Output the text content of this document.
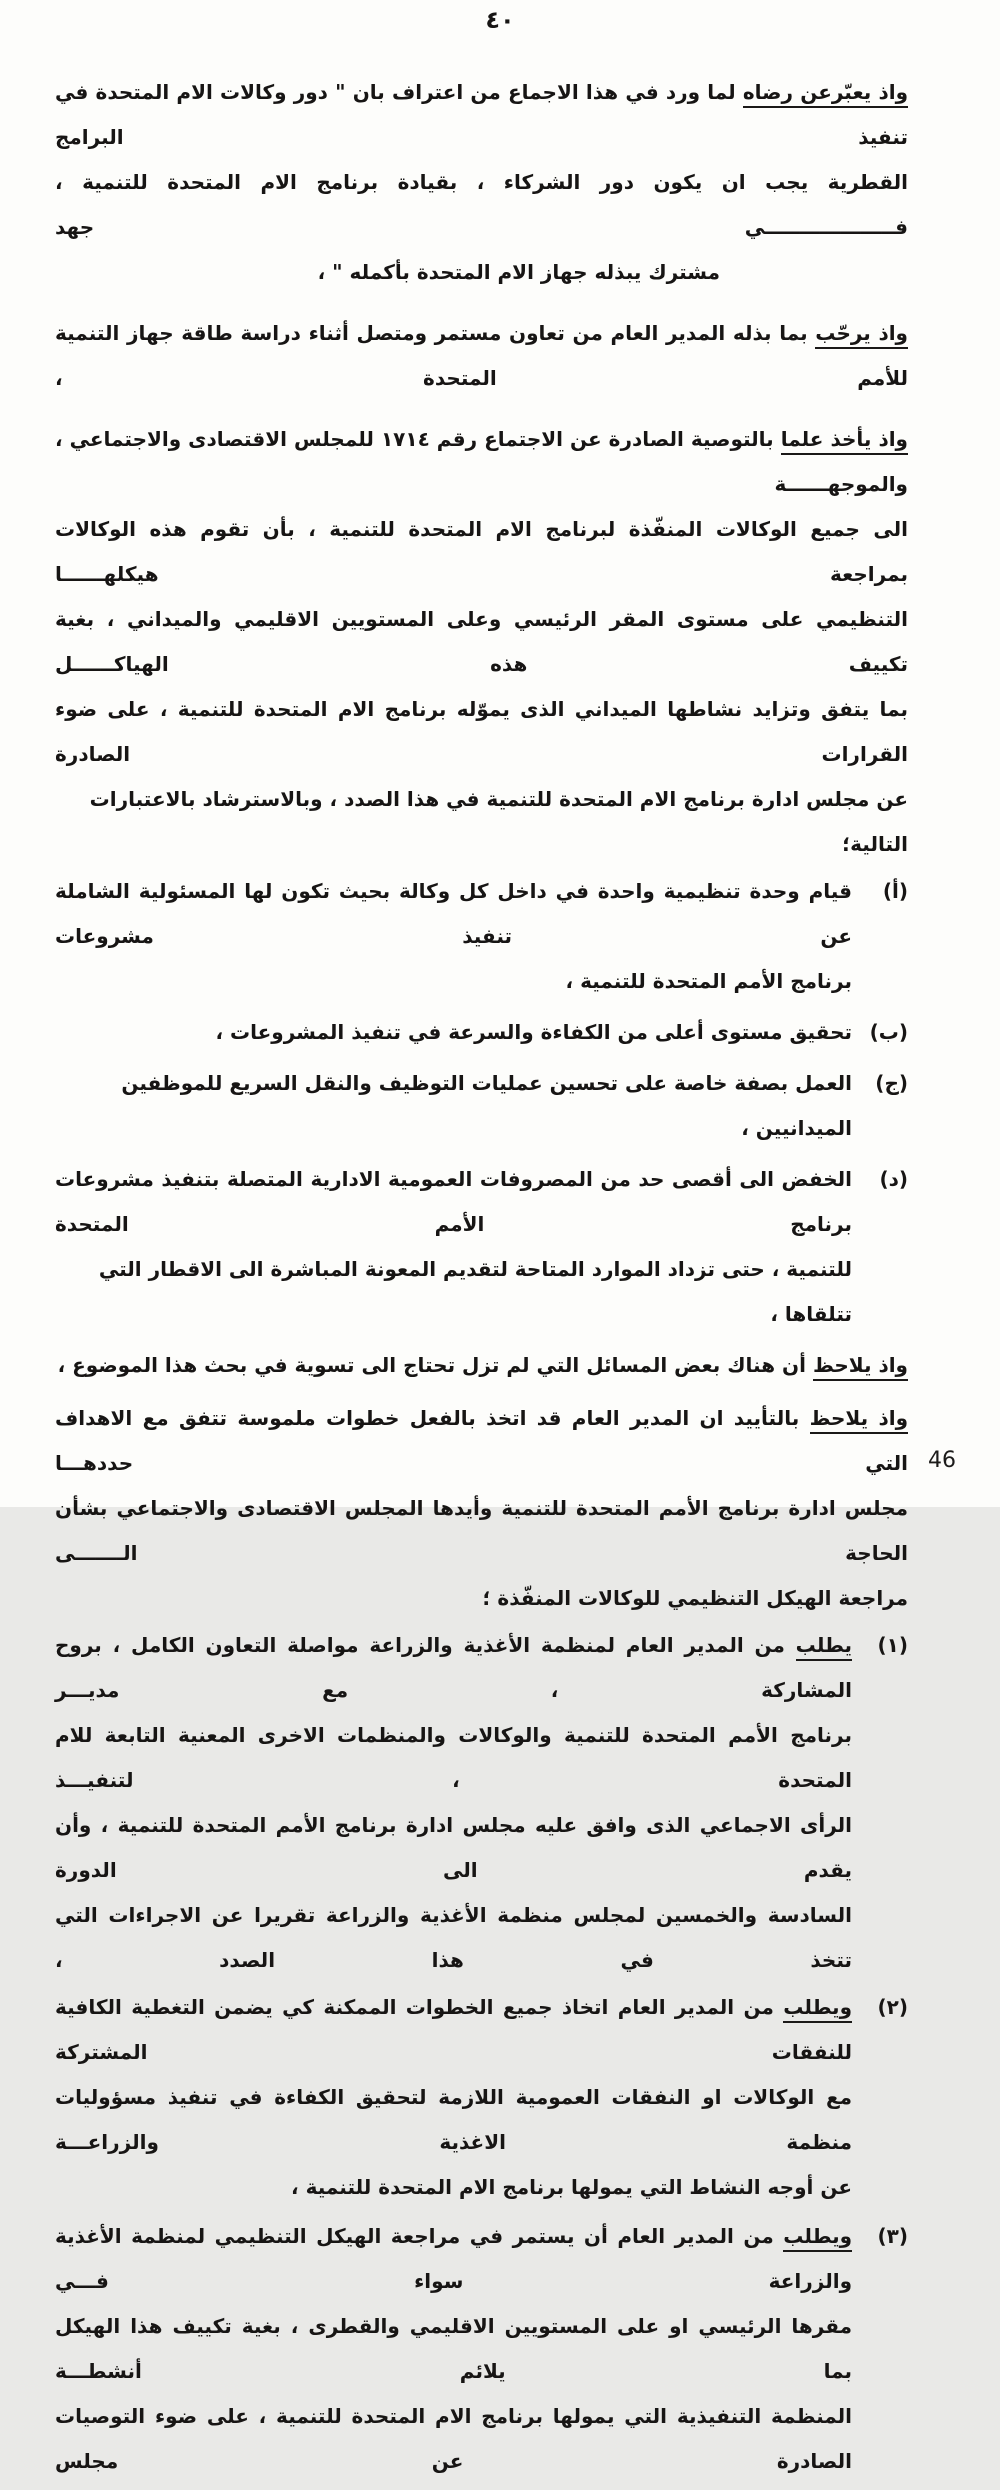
٤٠
واذ يعبّرعن رضاه لما ورد في هذا الاجماع من اعتراف بان " دور وكالات الام المتحدة في تنفيذ البرامج
القطرية يجب ان يكون دور الشركاء ، بقيادة برنامج الام المتحدة للتنمية ، فـــــــــــــــــــي جهد
مشترك يبذله جهاز الام المتحدة بأكمله " ،
واذ يرحّب بما بذله المدير العام من تعاون مستمر ومتصل أثناء دراسة طاقة جهاز التنمية للأمم المتحدة ،
واذ يأخذ علما بالتوصية الصادرة عن الاجتماع رقم ١٧١٤ للمجلس الاقتصادى والاجتماعي ، والموجهــــــة
الى جميع الوكالات المنفّذة لبرنامج الام المتحدة للتنمية ، بأن تقوم هذه الوكالات بمراجعة هيكلهــــــا
التنظيمي على مستوى المقر الرئيسي وعلى المستويين الاقليمي والميداني ، بغية تكييف هذه الهياكــــــل
بما يتفق وتزايد نشاطها الميداني الذى يموّله برنامج الام المتحدة للتنمية ، على ضوء القرارات الصادرة
عن مجلس ادارة برنامج الام المتحدة للتنمية في هذا الصدد ، وبالاسترشاد بالاعتبارات التالية؛
(أ)
قيام وحدة تنظيمية واحدة في داخل كل وكالة بحيث تكون لها المسئولية الشاملة عن تنفيذ مشروعات
برنامج الأمم المتحدة للتنمية ،
(ب)
تحقيق مستوى أعلى من الكفاءة والسرعة في تنفيذ المشروعات ،
(ج)
العمل بصفة خاصة على تحسين عمليات التوظيف والنقل السريع للموظفين الميدانيين ،
(د)
الخفض الى أقصى حد من المصروفات العمومية الادارية المتصلة بتنفيذ مشروعات برنامج الأمم المتحدة
للتنمية ، حتى تزداد الموارد المتاحة لتقديم المعونة المباشرة الى الاقطار التي تتلقاها ،
واذ يلاحظ أن هناك بعض المسائل التي لم تزل تحتاج الى تسوية في بحث هذا الموضوع ،
واذ يلاحظ بالتأييد ان المدير العام قد اتخذ بالفعل خطوات ملموسة تتفق مع الاهداف التي حددهـــا
مجلس ادارة برنامج الأمم المتحدة للتنمية وأيدها المجلس الاقتصادى والاجتماعي بشأن الحاجة الـــــــى
مراجعة الهيكل التنظيمي للوكالات المنفّذة ؛
(١)
يطلب من المدير العام لمنظمة الأغذية والزراعة مواصلة التعاون الكامل ، بروح المشاركة ، مع مديـــر
برنامج الأمم المتحدة للتنمية والوكالات والمنظمات الاخرى المعنية التابعة للام المتحدة ، لتنفيـــذ
الرأى الاجماعي الذى وافق عليه مجلس ادارة برنامج الأمم المتحدة للتنمية ، وأن يقدم الى الدورة
السادسة والخمسين لمجلس منظمة الأغذية والزراعة تقريرا عن الاجراءات التي تتخذ في هذا الصدد ،
(٢)
ويطلب من المدير العام اتخاذ جميع الخطوات الممكنة كي يضمن التغطية الكافية للنفقات المشتركة
مع الوكالات او النفقات العمومية اللازمة لتحقيق الكفاءة في تنفيذ مسؤوليات منظمة الاغذية والزراعـــة
عن أوجه النشاط التي يمولها برنامج الام المتحدة للتنمية ،
(٣)
ويطلب من المدير العام أن يستمر في مراجعة الهيكل التنظيمي لمنظمة الأغذية والزراعة سواء فـــي
مقرها الرئيسي او على المستويين الاقليمي والقطرى ، بغية تكييف هذا الهيكل بما يلائم أنشطـــة
المنظمة التنفيذية التي يمولها برنامج الام المتحدة للتنمية ، على ضوء التوصيات الصادرة عن مجلس
46
